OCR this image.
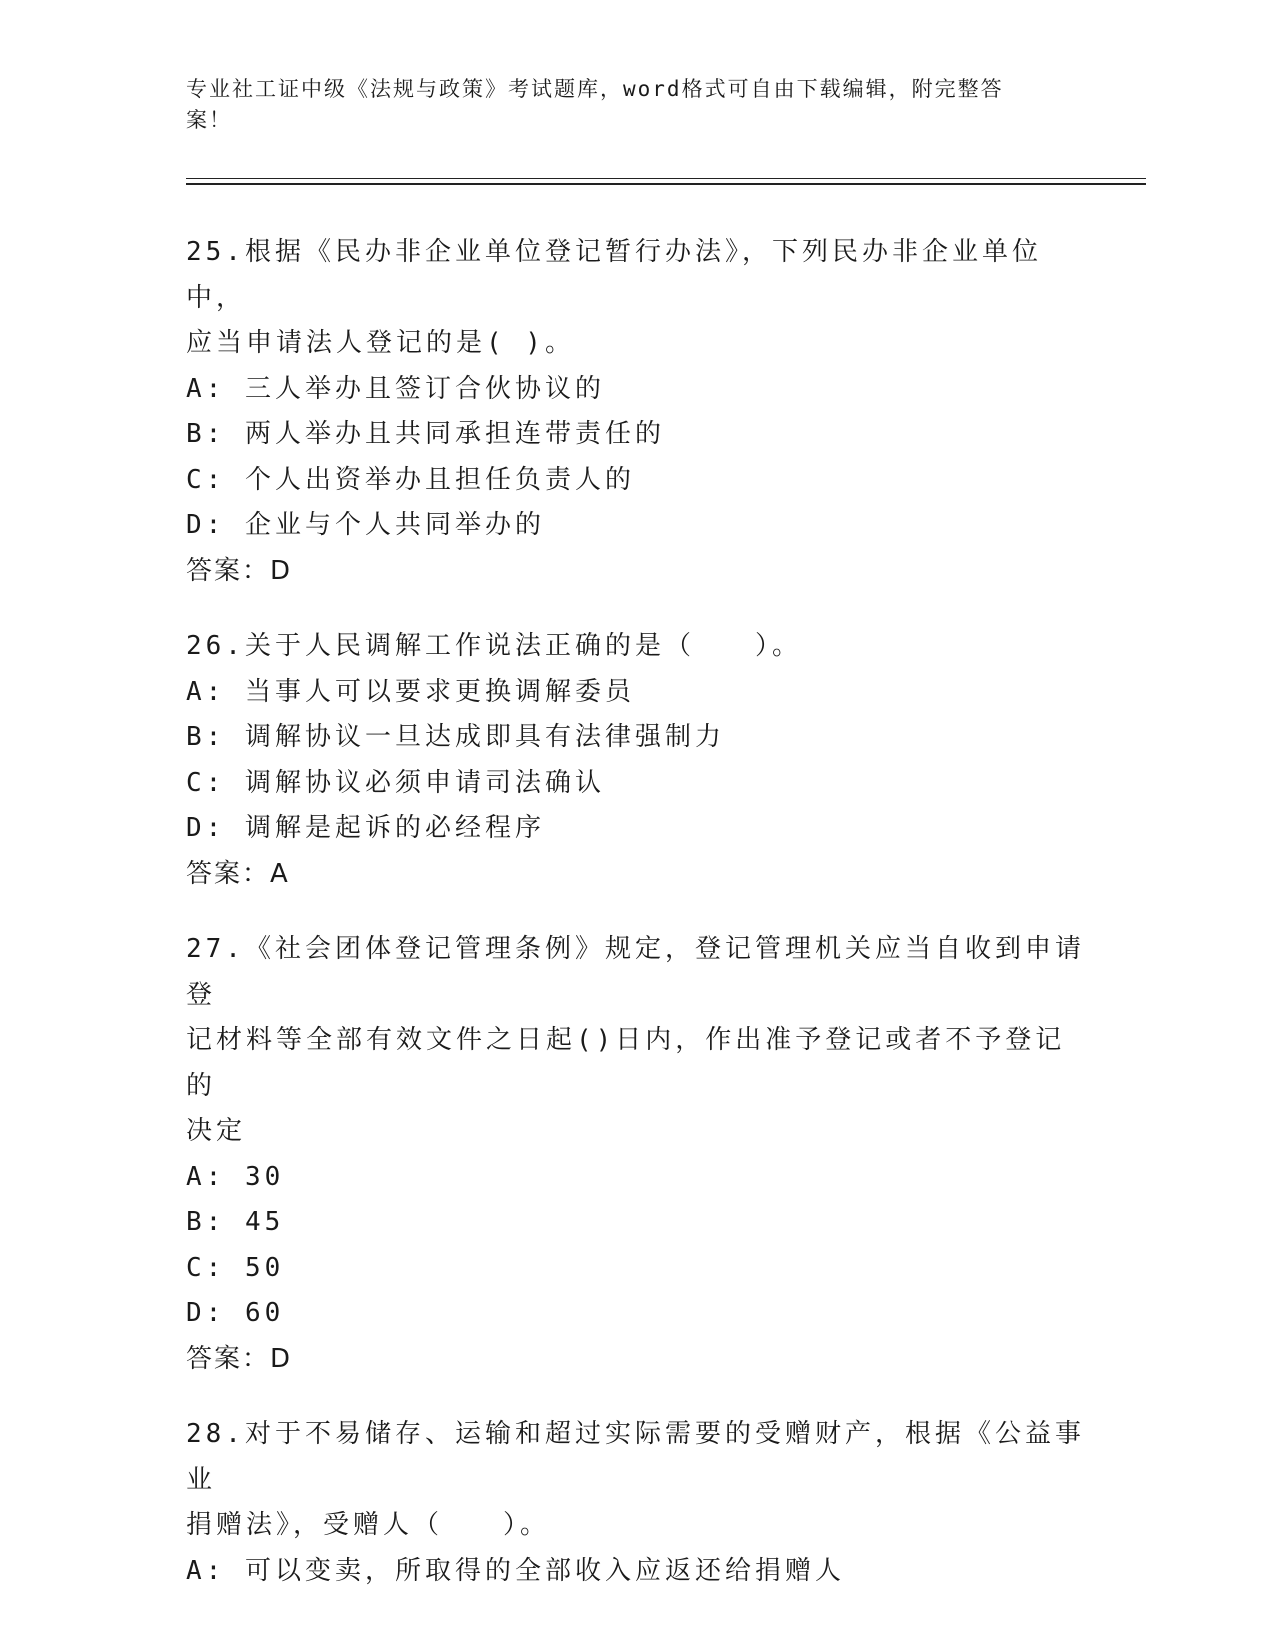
专业社工证中级《法规与政策》考试题库，word格式可自由下载编辑，附完整答
案！
25.根据《民办非企业单位登记暂行办法》，下列民办非企业单位中，
应当申请法人登记的是( )。
A: 三人举办且签订合伙协议的
B: 两人举办且共同承担连带责任的
C: 个人出资举办且担任负责人的
D: 企业与个人共同举办的
答案：D
26.关于人民调解工作说法正确的是（　　）。
A: 当事人可以要求更换调解委员
B: 调解协议一旦达成即具有法律强制力
C: 调解协议必须申请司法确认
D: 调解是起诉的必经程序
答案：A
27.《社会团体登记管理条例》规定，登记管理机关应当自收到申请登
记材料等全部有效文件之日起()日内，作出准予登记或者不予登记的
决定
A: 30
B: 45
C: 50
D: 60
答案：D
28.对于不易储存、运输和超过实际需要的受赠财产，根据《公益事业
捐赠法》，受赠人（　　）。
A: 可以变卖，所取得的全部收入应返还给捐赠人
